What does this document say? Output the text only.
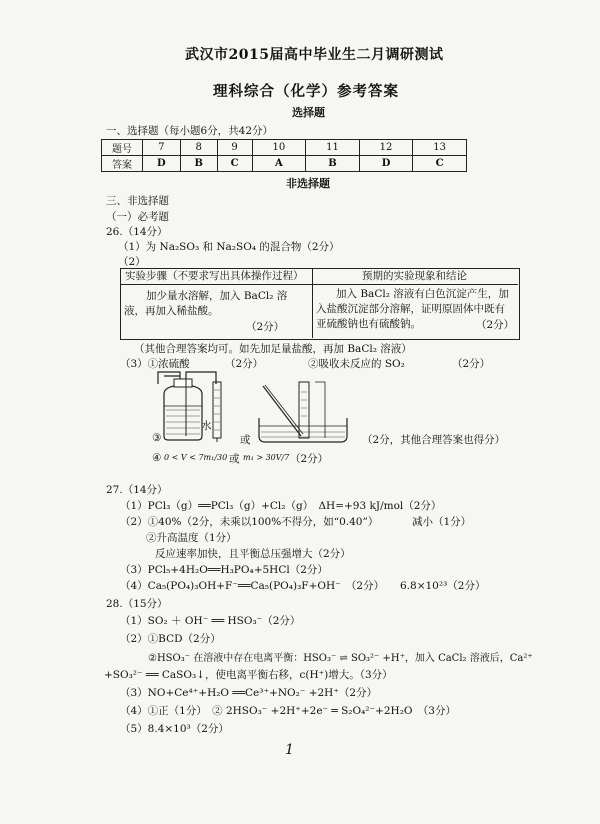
武汉市2015届高中毕业生二月调研测试
理科综合（化学）参考答案
选择题
一、选择题（每小题6分，共42分）
题号	7	8	9	10	11	12	13
答案	D	B	C	A	B	D	C
非选择题
三、非选择题
（一）必考题
26.（14分）
（1）为 Na₂SO₃ 和 Na₂SO₄ 的混合物（2分）
（2）
实验步骤（不要求写出具体操作过程）	预期的实验现象和结论
加少量水溶解，加入 BaCl₂ 溶液，再加入稀盐酸。
（2分）
加入 BaCl₂ 溶液有白色沉淀产生，加入盐酸沉淀部分溶解，证明原固体中既有亚硫酸钠也有硫酸钠。	（2分）
（其他合理答案均可。如先加足量盐酸，再加 BaCl₂ 溶液）
（3）①浓硫酸	（2分）	②吸收未反应的 SO₂	（2分）
水
③	或	（2分，其他合理答案也得分）
④ 0 < V < 7m₁/30 或 m₁ > 30V/7 （2分）
27.（14分）
（1）PCl₃（g）══PCl₃（g）+Cl₂（g）　ΔH=+93 kJ/mol（2分）
（2）①40%（2分，未乘以100%不得分，如“0.40”）	减小（1分）
②升高温度（1分）
反应速率加快，且平衡总压强增大（2分）
（3）PCl₅+4H₂O══H₃PO₄+5HCl（2分）
（4）Ca₅(PO₄)₃OH+F⁻══Ca₅(PO₄)₃F+OH⁻　（2分） 6.8×10²³（2分）
28.（15分）
（1）SO₂ ＋ OH⁻ ══ HSO₃⁻（2分）
（2）①BCD（2分）
②HSO₃⁻ 在溶液中存在电离平衡：HSO₃⁻ ⇌ SO₃²⁻ +H⁺，加入 CaCl₂ 溶液后，Ca²⁺
+SO₃²⁻ ══ CaSO₃↓，使电离平衡右移，c(H⁺)增大。（3分）
（3）NO+Ce⁴⁺+H₂O ══Ce³⁺+NO₂⁻ +2H⁺（2分）
（4）①正（1分）　② 2HSO₃⁻ +2H⁺+2e⁻ ═ S₂O₄²⁻+2H₂O　（3分）
（5）8.4×10³（2分）
1
